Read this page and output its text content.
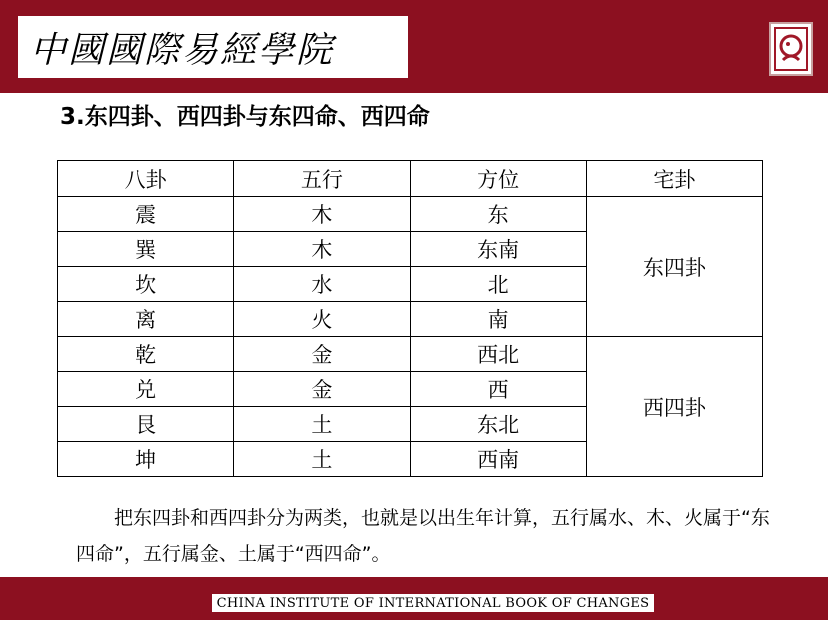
中國國際易經學院
3.东四卦、西四卦与东四命、西四命
八卦	五行	方位	宅卦
震	木	东	东四卦
巽	木	东南	
坎	水	北	
离	火	南	
乾	金	西北	西四卦
兑	金	西	
艮	土	东北	
坤	土	西南	
把东四卦和西四卦分为两类，也就是以出生年计算，五行属水、木、火属于“东四命”，五行属金、土属于“西四命”。
CHINA INSTITUTE OF INTERNATIONAL BOOK OF CHANGES
